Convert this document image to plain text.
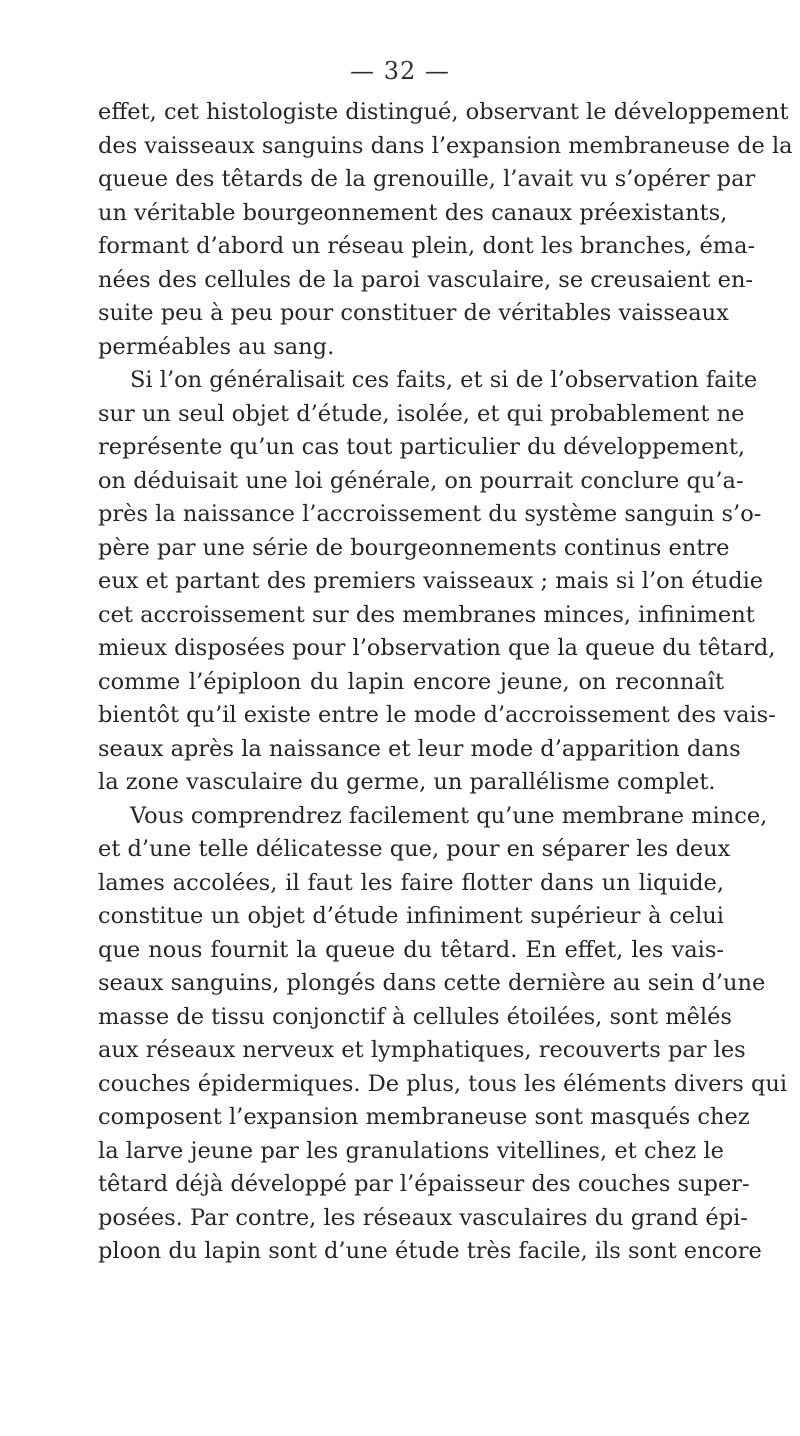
— 32 —
effet, cet histologiste distingué, observant le développement
des vaisseaux sanguins dans l’expansion membraneuse de la
queue des têtards de la grenouille, l’avait vu s’opérer par
un véritable bourgeonnement des canaux préexistants,
formant d’abord un réseau plein, dont les branches, éma-
nées des cellules de la paroi vasculaire, se creusaient en-
suite peu à peu pour constituer de véritables vaisseaux
perméables au sang.
Si l’on généralisait ces faits, et si de l’observation faite
sur un seul objet d’étude, isolée, et qui probablement ne
représente qu’un cas tout particulier du développement,
on déduisait une loi générale, on pourrait conclure qu’a-
près la naissance l’accroissement du système sanguin s’o-
père par une série de bourgeonnements continus entre
eux et partant des premiers vaisseaux ; mais si l’on étudie
cet accroissement sur des membranes minces, infiniment
mieux disposées pour l’observation que la queue du têtard,
comme l’épiploon du lapin encore jeune, on reconnaît
bientôt qu’il existe entre le mode d’accroissement des vais-
seaux après la naissance et leur mode d’apparition dans
la zone vasculaire du germe, un parallélisme complet.
Vous comprendrez facilement qu’une membrane mince,
et d’une telle délicatesse que, pour en séparer les deux
lames accolées, il faut les faire flotter dans un liquide,
constitue un objet d’étude infiniment supérieur à celui
que nous fournit la queue du têtard. En effet, les vais-
seaux sanguins, plongés dans cette dernière au sein d’une
masse de tissu conjonctif à cellules étoilées, sont mêlés
aux réseaux nerveux et lymphatiques, recouverts par les
couches épidermiques. De plus, tous les éléments divers qui
composent l’expansion membraneuse sont masqués chez
la larve jeune par les granulations vitellines, et chez le
têtard déjà développé par l’épaisseur des couches super-
posées. Par contre, les réseaux vasculaires du grand épi-
ploon du lapin sont d’une étude très facile, ils sont encore
